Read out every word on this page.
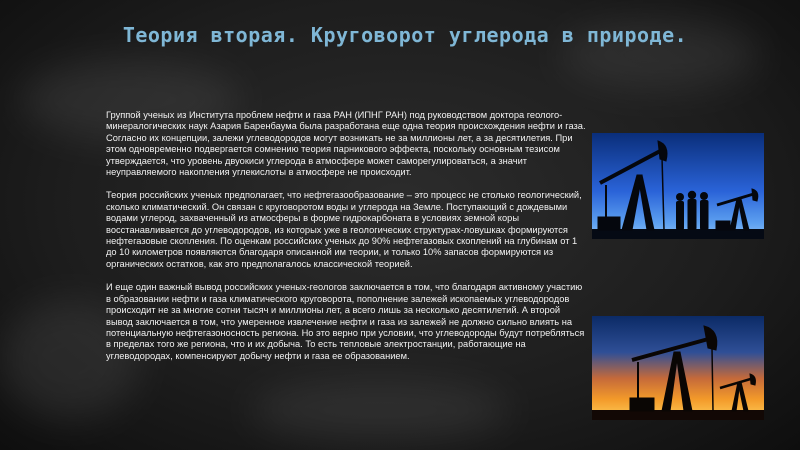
Теория вторая. Круговорот углерода в природе.

Группой ученых из Института проблем нефти и газа РАН (ИПНГ РАН) под руководством доктора геолого-минералогических наук Азария Баренбаума была разработана еще одна теория происхождения нефти и газа. Согласно их концепции, залежи углеводородов могут возникать не за миллионы лет, а за десятилетия. При этом одновременно подвергается сомнению теория парникового эффекта, поскольку основным тезисом утверждается, что уровень двуокиси углерода в атмосфере может саморегулироваться, а значит неуправляемого накопления углекислоты в атмосфере не происходит.

Теория российских ученых предполагает, что нефтегазообразование – это процесс не столько геологический, сколько климатический. Он связан с круговоротом воды и углерода на Земле. Поступающий с дождевыми водами углерод, захваченный из атмосферы в форме гидрокарбоната в условиях земной коры восстанавливается до углеводородов, из которых уже в геологических структурах-ловушках формируются нефтегазовые скопления. По оценкам российских ученых до 90% нефтегазовых скоплений на глубинам от 1 до 10 километров появляются благодаря описанной им теории, и только 10% запасов формируются из органических остатков, как это предполагалось классической теорией.

И еще один важный вывод российских ученых-геологов заключается в том, что благодаря активному участию в образовании нефти и газа климатического круговорота, пополнение залежей ископаемых углеводородов происходит не за многие сотни тысяч и миллионы лет, а всего лишь за несколько десятилетий. А второй вывод заключается в том, что умеренное извлечение нефти и газа из залежей не должно сильно влиять на потенциальную нефтегазоносность региона. Но это верно при условии, что углеводороды будут потребляться в пределах того же региона, что и их добыча. То есть тепловые электростанции, работающие на углеводородах, компенсируют добычу нефти и газа ее образованием.
